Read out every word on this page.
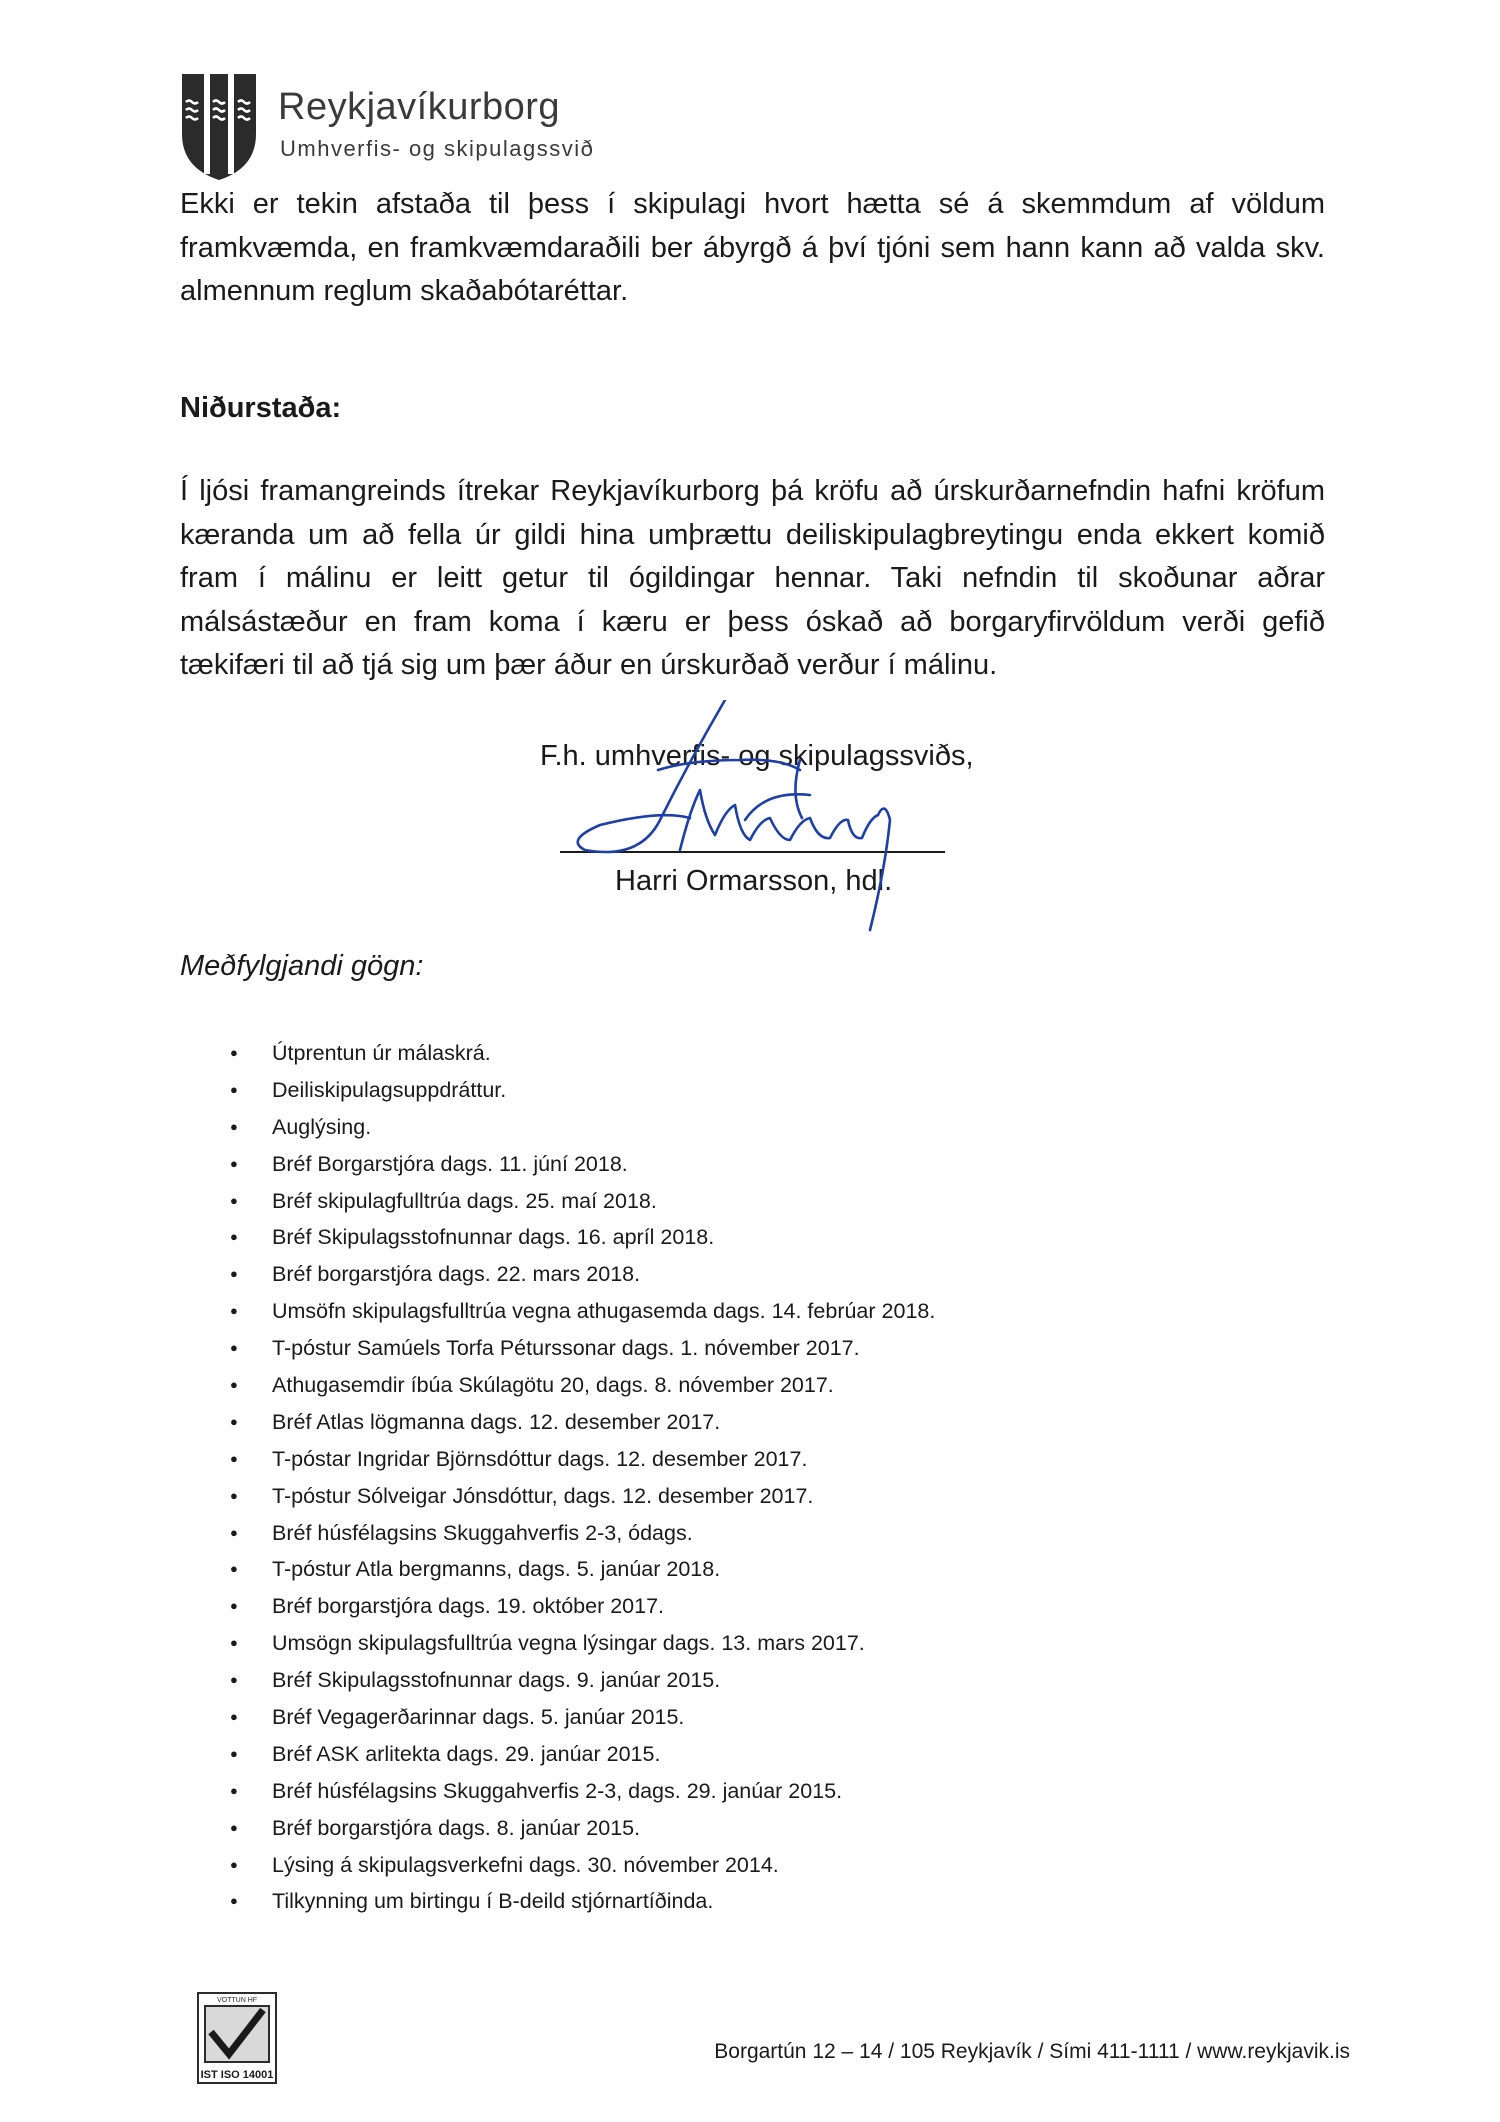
Reykjavíkurborg
Umhverfis- og skipulagssvið
Ekki er tekin afstaða til þess í skipulagi hvort hætta sé á skemmdum af völdum framkvæmda, en framkvæmdaraðili ber ábyrgð á því tjóni sem hann kann að valda skv. almennum reglum skaðabótaréttar.
Niðurstaða:
Í ljósi framangreinds ítrekar Reykjavíkurborg þá kröfu að úrskurðarnefndin hafni kröfum kæranda um að fella úr gildi hina umþrættu deiliskipulagbreytingu enda ekkert komið fram í málinu er leitt getur til ógildingar hennar. Taki nefndin til skoðunar aðrar málsástæður en fram koma í kæru er þess óskað að borgaryfirvöldum verði gefið tækifæri til að tjá sig um þær áður en úrskurðað verður í málinu.
F.h. umhverfis- og skipulagssviðs,
Harri Ormarsson, hdl.
Meðfylgjandi gögn:
● Útprentun úr málaskrá.
● Deiliskipulagsuppdráttur.
● Auglýsing.
● Bréf Borgarstjóra dags. 11. júní 2018.
● Bréf skipulagfulltrúa dags. 25. maí 2018.
● Bréf Skipulagsstofnunnar dags. 16. apríl 2018.
● Bréf borgarstjóra dags. 22. mars 2018.
● Umsöfn skipulagsfulltrúa vegna athugasemda dags. 14. febrúar 2018.
● T-póstur Samúels Torfa Péturssonar dags. 1. nóvember 2017.
● Athugasemdir íbúa Skúlagötu 20, dags. 8. nóvember 2017.
● Bréf Atlas lögmanna dags. 12. desember 2017.
● T-póstar Ingridar Björnsdóttur dags. 12. desember 2017.
● T-póstur Sólveigar Jónsdóttur, dags. 12. desember 2017.
● Bréf húsfélagsins Skuggahverfis 2-3, ódags.
● T-póstur Atla bergmanns, dags. 5. janúar 2018.
● Bréf borgarstjóra dags. 19. október 2017.
● Umsögn skipulagsfulltrúa vegna lýsingar dags. 13. mars 2017.
● Bréf Skipulagsstofnunnar dags. 9. janúar 2015.
● Bréf Vegagerðarinnar dags. 5. janúar 2015.
● Bréf ASK arlitekta dags. 29. janúar 2015.
● Bréf húsfélagsins Skuggahverfis 2-3, dags. 29. janúar 2015.
● Bréf borgarstjóra dags. 8. janúar 2015.
● Lýsing á skipulagsverkefni dags. 30. nóvember 2014.
● Tilkynning um birtingu í B-deild stjórnartíðinda.
VOTTUN HF
IST ISO 14001
Borgartún 12 – 14 / 105 Reykjavík / Sími 411-1111 / www.reykjavik.is
